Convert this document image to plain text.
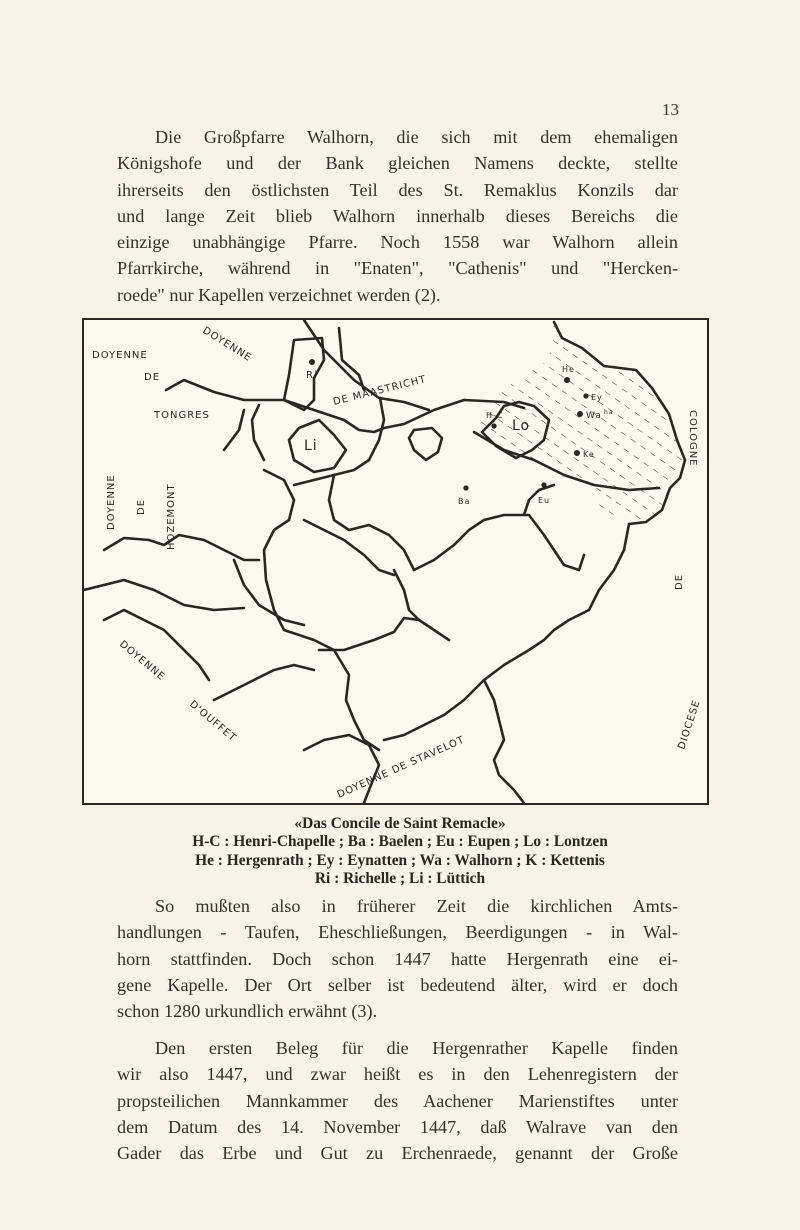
13
Die Großpfarre Walhorn, die sich mit dem ehemaligen
Königshofe und der Bank gleichen Namens deckte, stellte
ihrerseits den östlichsten Teil des St. Remaklus Konzils dar
und lange Zeit blieb Walhorn innerhalb dieses Bereichs die
einzige unabhängige Pfarre. Noch 1558 war Walhorn allein
Pfarrkirche, während in "Enaten", "Cathenis" und "Hercken-
roede" nur Kapellen verzeichnet werden (2).
DOYENNE
DE
TONGRES
DOYENNE
DE MAASTRICHT
DOYENNE DE HOZEMONT
DOYENNE
D'OUFFET
DOYENNE DE STAVELOT
COLOGNE
DE
DIOCESE
Ri
Li
Lo
H-C
Ba	Eu
He
Ey
Wa ha
Ke
«Das Concile de Saint Remacle»
H-C : Henri-Chapelle ; Ba : Baelen ; Eu : Eupen ; Lo : Lontzen
He : Hergenrath ; Ey : Eynatten ; Wa : Walhorn ; K : Kettenis
Ri : Richelle ; Li : Lüttich
So mußten also in früherer Zeit die kirchlichen Amts-
handlungen - Taufen, Eheschließungen, Beerdigungen - in Wal-
horn stattfinden. Doch schon 1447 hatte Hergenrath eine ei-
gene Kapelle. Der Ort selber ist bedeutend älter, wird er doch
schon 1280 urkundlich erwähnt (3).
Den ersten Beleg für die Hergenrather Kapelle finden
wir also 1447, und zwar heißt es in den Lehenregistern der
propsteilichen Mannkammer des Aachener Marienstiftes unter
dem Datum des 14. November 1447, daß Walrave van den
Gader das Erbe und Gut zu Erchenraede, genannt der Große
